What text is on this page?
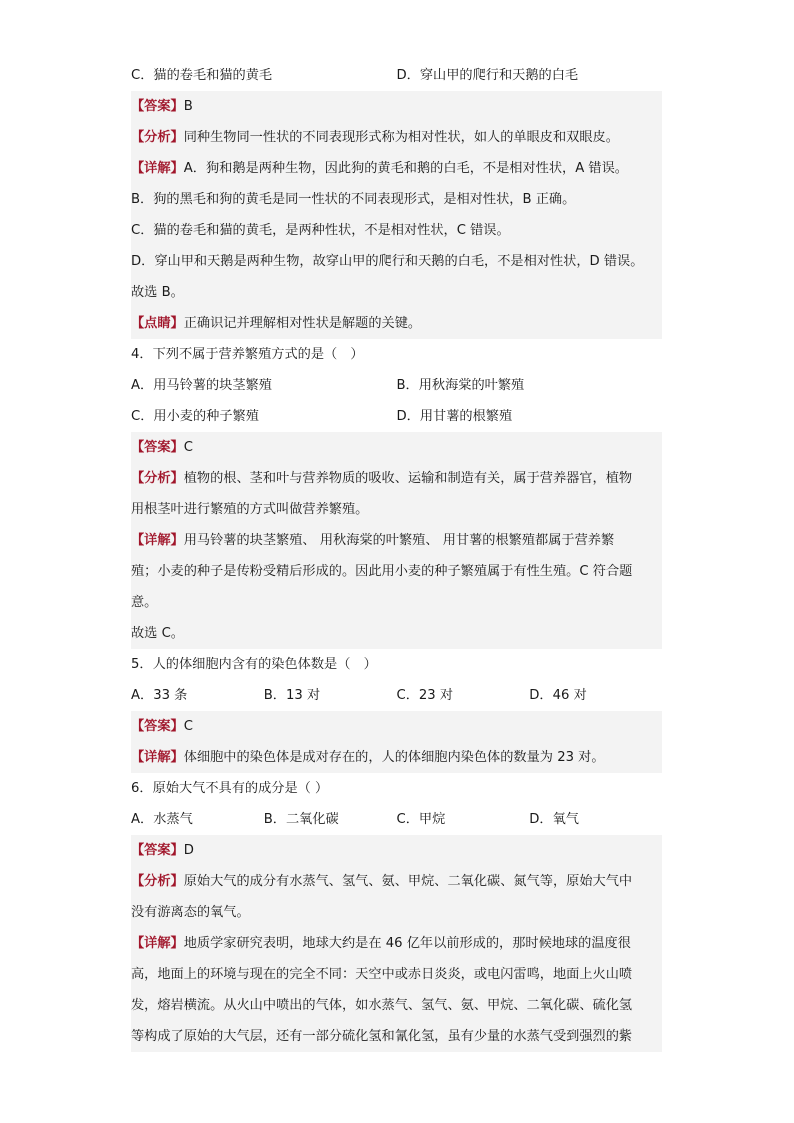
C．猫的卷毛和猫的黄毛	D．穿山甲的爬行和天鹅的白毛
【答案】B
【分析】同种生物同一性状的不同表现形式称为相对性状，如人的单眼皮和双眼皮。
【详解】A．狗和鹅是两种生物，因此狗的黄毛和鹅的白毛，不是相对性状，A 错误。
B．狗的黑毛和狗的黄毛是同一性状的不同表现形式，是相对性状，B 正确。
C．猫的卷毛和猫的黄毛，是两种性状，不是相对性状，C 错误。
D．穿山甲和天鹅是两种生物，故穿山甲的爬行和天鹅的白毛，不是相对性状，D 错误。
故选 B。
【点睛】正确识记并理解相对性状是解题的关键。
4．下列不属于营养繁殖方式的是（　）
A．用马铃薯的块茎繁殖	B．用秋海棠的叶繁殖
C．用小麦的种子繁殖	D．用甘薯的根繁殖
【答案】C
【分析】植物的根、茎和叶与营养物质的吸收、运输和制造有关，属于营养器官，植物
用根茎叶进行繁殖的方式叫做营养繁殖。
【详解】用马铃薯的块茎繁殖、 用秋海棠的叶繁殖、 用甘薯的根繁殖都属于营养繁
殖；小麦的种子是传粉受精后形成的。因此用小麦的种子繁殖属于有性生殖。C 符合题
意。
故选 C。
5．人的体细胞内含有的染色体数是（　）
A．33 条	B．13 对	C．23 对	D．46 对
【答案】C
【详解】体细胞中的染色体是成对存在的，人的体细胞内染色体的数量为 23 对。
6．原始大气不具有的成分是（ ）
A．水蒸气	B．二氧化碳	C．甲烷	D．氧气
【答案】D
【分析】原始大气的成分有水蒸气、氢气、氨、甲烷、二氧化碳、氮气等，原始大气中
没有游离态的氧气。
【详解】地质学家研究表明，地球大约是在 46 亿年以前形成的，那时候地球的温度很
高，地面上的环境与现在的完全不同：天空中或赤日炎炎，或电闪雷鸣，地面上火山喷
发，熔岩横流。从火山中喷出的气体，如水蒸气、氢气、氨、甲烷、二氧化碳、硫化氢
等构成了原始的大气层，还有一部分硫化氢和氰化氢，虽有少量的水蒸气受到强烈的紫
